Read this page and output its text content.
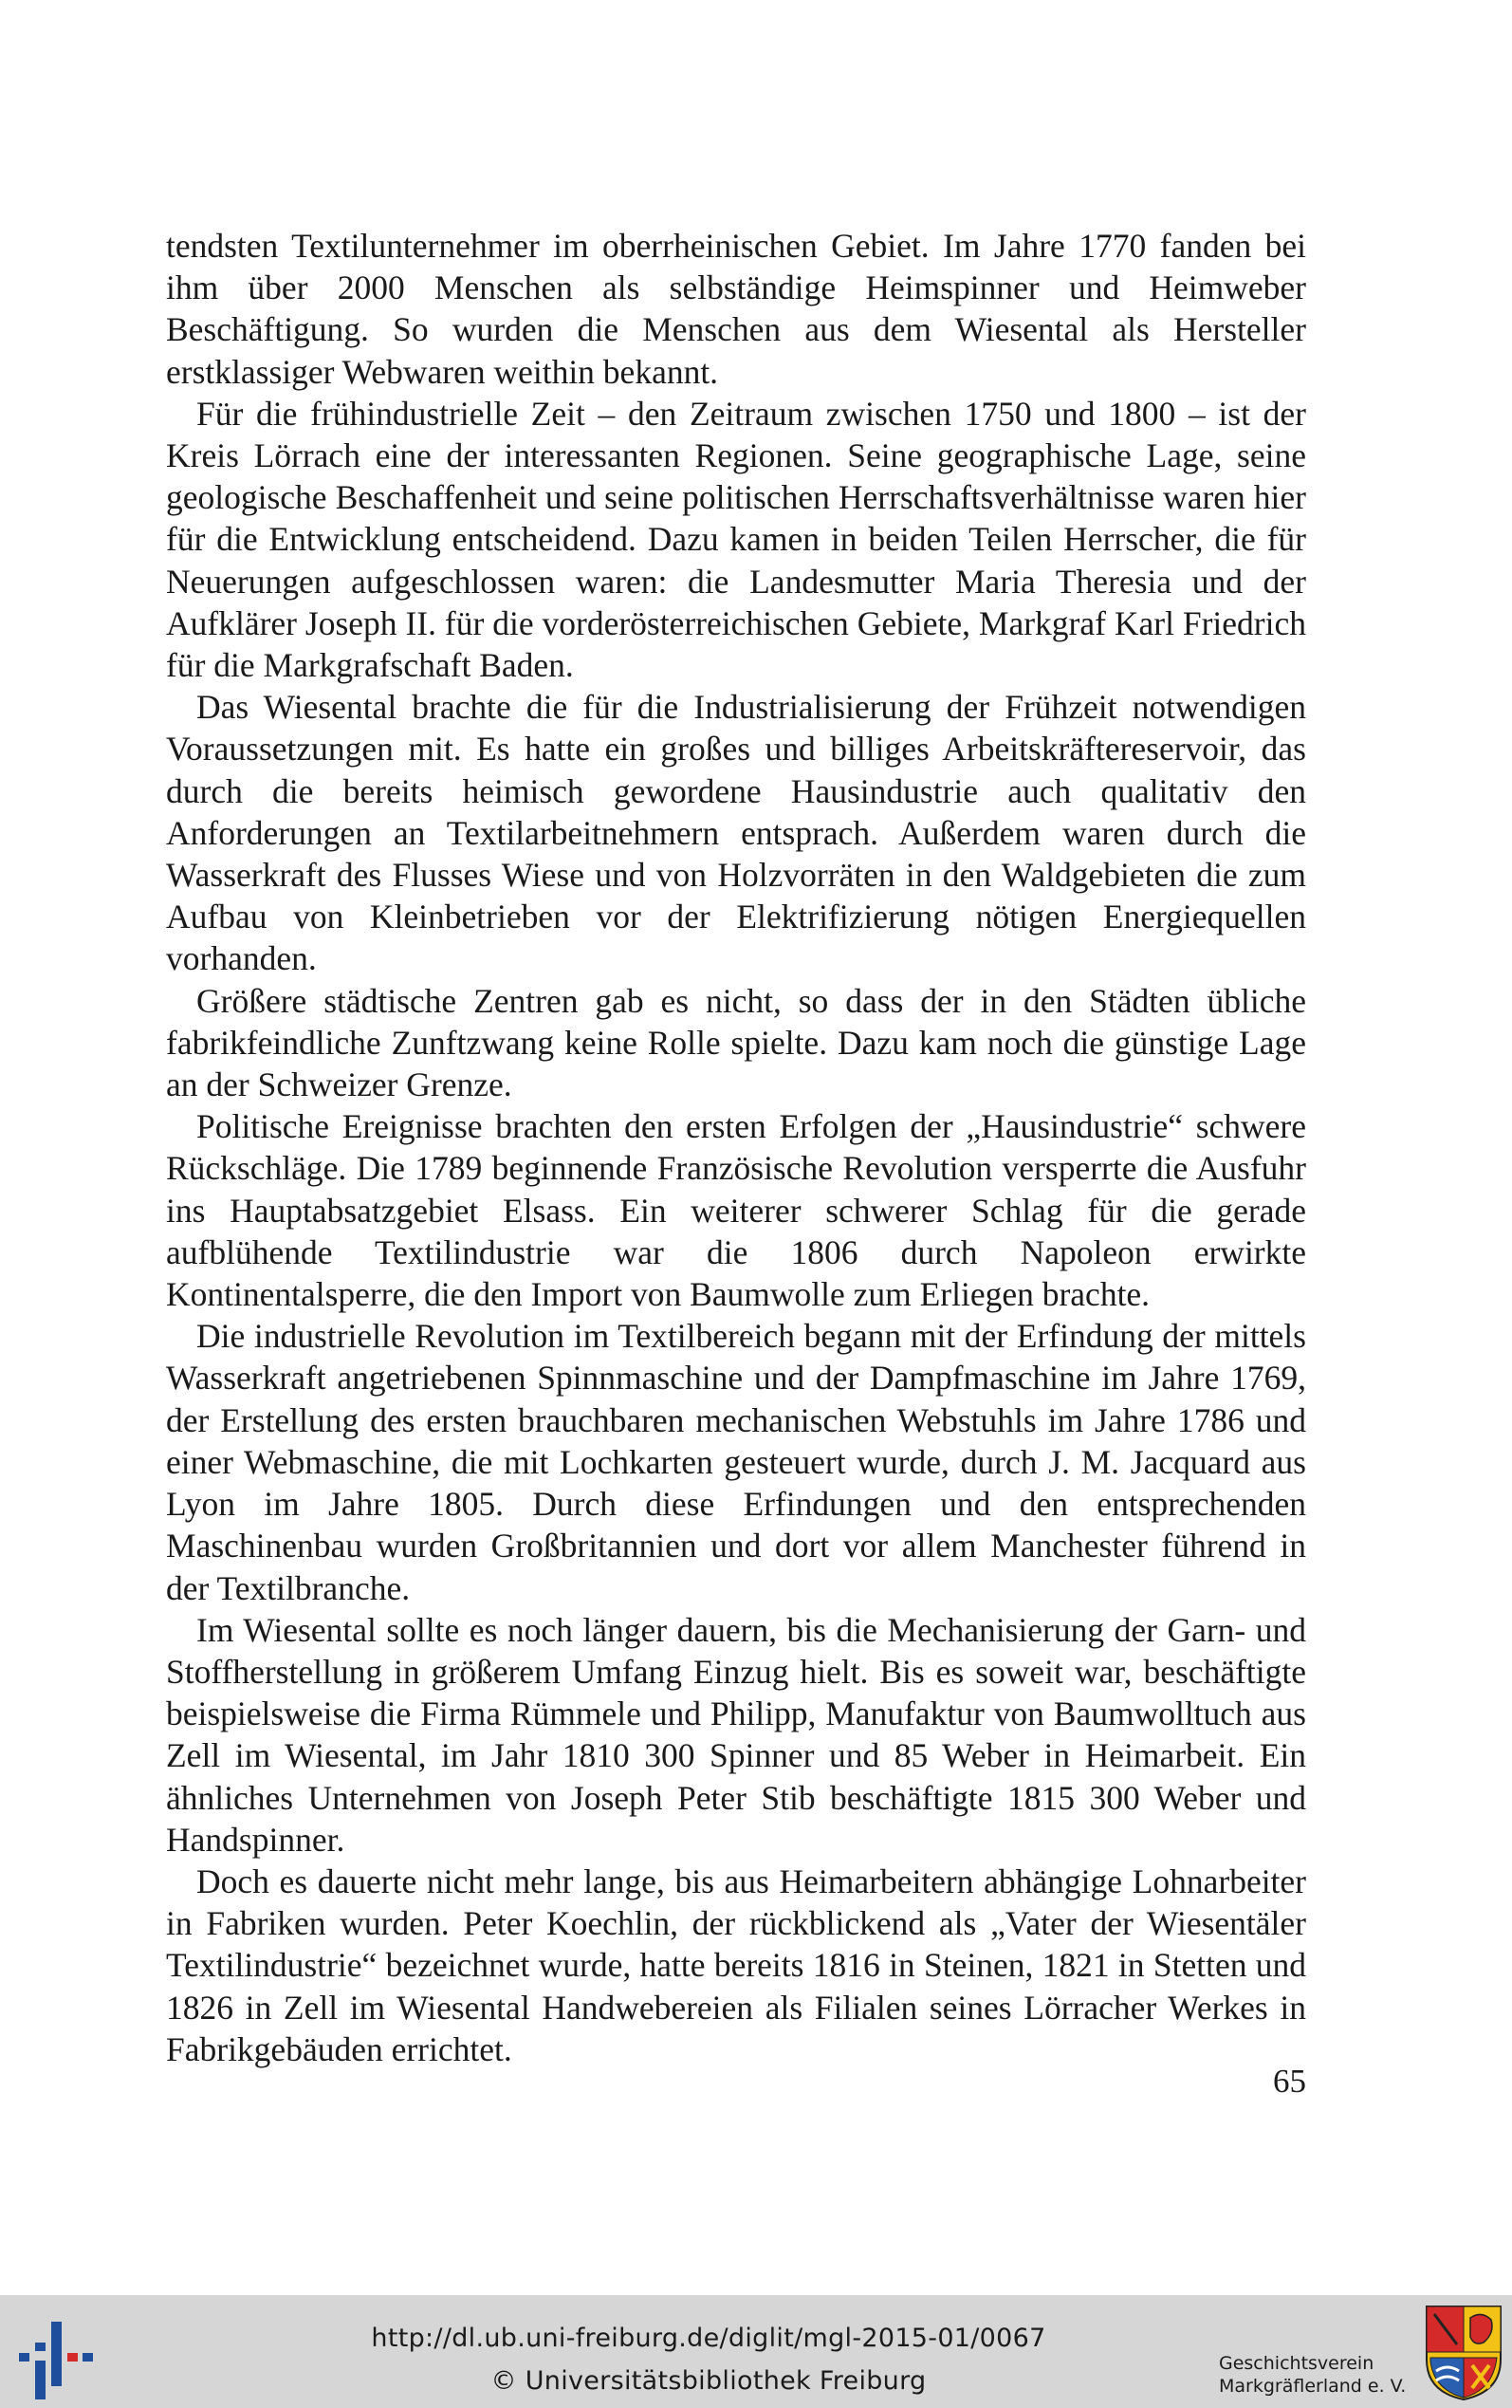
tendsten Textilunternehmer im oberrheinischen Gebiet. Im Jahre 1770 fanden bei ihm über 2000 Menschen als selbständige Heimspinner und Heimweber Beschäftigung. So wurden die Menschen aus dem Wiesental als Hersteller erstklassiger Webwaren weithin bekannt.

Für die frühindustrielle Zeit – den Zeitraum zwischen 1750 und 1800 – ist der Kreis Lörrach eine der interessanten Regionen. Seine geographische Lage, seine geologische Beschaffenheit und seine politischen Herrschaftsverhältnisse waren hier für die Entwicklung entscheidend. Dazu kamen in beiden Teilen Herrscher, die für Neuerungen aufgeschlossen waren: die Landesmutter Maria Theresia und der Aufklärer Joseph II. für die vorderösterreichischen Gebiete, Markgraf Karl Friedrich für die Markgrafschaft Baden.

Das Wiesental brachte die für die Industrialisierung der Frühzeit notwendigen Voraussetzungen mit. Es hatte ein großes und billiges Arbeitskräftereservoir, das durch die bereits heimisch gewordene Hausindustrie auch qualitativ den Anforderungen an Textilarbeitnehmern entsprach. Außerdem waren durch die Wasserkraft des Flusses Wiese und von Holzvorräten in den Waldgebieten die zum Aufbau von Kleinbetrieben vor der Elektrifizierung nötigen Energiequellen vorhanden.

Größere städtische Zentren gab es nicht, so dass der in den Städten übliche fabrikfeindliche Zunftzwang keine Rolle spielte. Dazu kam noch die günstige Lage an der Schweizer Grenze.

Politische Ereignisse brachten den ersten Erfolgen der „Hausindustrie“ schwere Rückschläge. Die 1789 beginnende Französische Revolution versperrte die Ausfuhr ins Hauptabsatzgebiet Elsass. Ein weiterer schwerer Schlag für die gerade aufblühende Textilindustrie war die 1806 durch Napoleon erwirkte Kontinentalsperre, die den Import von Baumwolle zum Erliegen brachte.

Die industrielle Revolution im Textilbereich begann mit der Erfindung der mittels Wasserkraft angetriebenen Spinnmaschine und der Dampfmaschine im Jahre 1769, der Erstellung des ersten brauchbaren mechanischen Webstuhls im Jahre 1786 und einer Webmaschine, die mit Lochkarten gesteuert wurde, durch J. M. Jacquard aus Lyon im Jahre 1805. Durch diese Erfindungen und den entsprechenden Maschinenbau wurden Großbritannien und dort vor allem Manchester führend in der Textilbranche.

Im Wiesental sollte es noch länger dauern, bis die Mechanisierung der Garn- und Stoffherstellung in größerem Umfang Einzug hielt. Bis es soweit war, beschäftigte beispielsweise die Firma Rümmele und Philipp, Manufaktur von Baumwolltuch aus Zell im Wiesental, im Jahr 1810 300 Spinner und 85 Weber in Heimarbeit. Ein ähnliches Unternehmen von Joseph Peter Stib beschäftigte 1815 300 Weber und Handspinner.

Doch es dauerte nicht mehr lange, bis aus Heimarbeitern abhängige Lohnarbeiter in Fabriken wurden. Peter Koechlin, der rückblickend als „Vater der Wiesentäler Textilindustrie“ bezeichnet wurde, hatte bereits 1816 in Steinen, 1821 in Stetten und 1826 in Zell im Wiesental Handwebereien als Filialen seines Lörracher Werkes in Fabrikgebäuden errichtet.

65
http://dl.ub.uni-freiburg.de/diglit/mgl-2015-01/0067
© Universitätsbibliothek Freiburg
Geschichtsverein
Markgräflerland e. V.
